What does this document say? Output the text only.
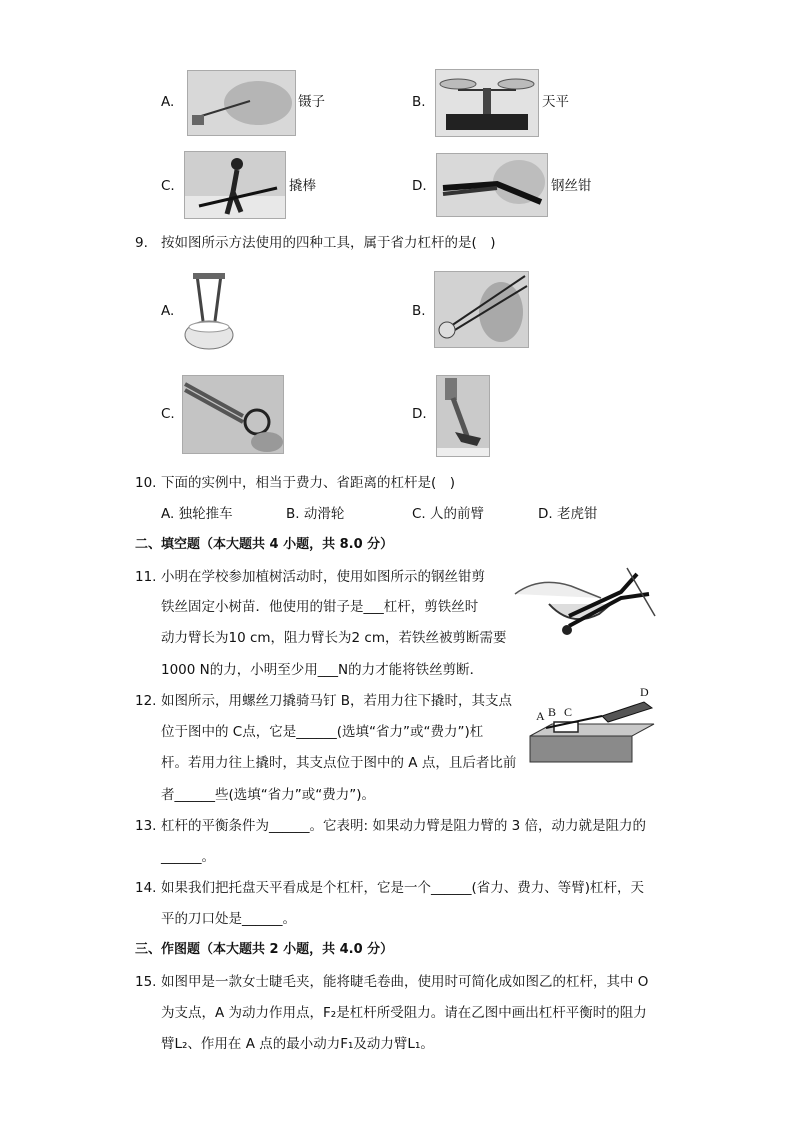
A.	镊子	B.	天平
C.	撬棒	D.	钢丝钳
9. 按如图所示方法使用的四种工具，属于省力杠杆的是(　)
A.	B.
C.	D.
10. 下面的实例中，相当于费力、省距离的杠杆是(　)
A. 独轮推车	B. 动滑轮	C. 人的前臂	D. 老虎钳
二、填空题（本大题共 4 小题，共 8.0 分）
11. 小明在学校参加植树活动时，使用如图所示的钢丝钳剪
铁丝固定小树苗．他使用的钳子是___杠杆，剪铁丝时
动力臂长为10 cm，阻力臂长为2 cm，若铁丝被剪断需要
1000 N的力，小明至少用___N的力才能将铁丝剪断．
12. 如图所示，用螺丝刀撬骑马钉 B，若用力往下撬时，其支点
位于图中的 C点，它是______(选填“省力”或“费力”)杠
杆。若用力往上撬时，其支点位于图中的 A 点，且后者比前
者______些(选填“省力”或“费力”)。
A B C
D
13. 杠杆的平衡条件为______。它表明: 如果动力臂是阻力臂的 3 倍，动力就是阻力的
______。
14. 如果我们把托盘天平看成是个杠杆，它是一个______(省力、费力、等臂)杠杆，天
平的刀口处是______。
三、作图题（本大题共 2 小题，共 4.0 分）
15. 如图甲是一款女士睫毛夹，能将睫毛卷曲，使用时可简化成如图乙的杠杆，其中 O
为支点，A 为动力作用点，F₂是杠杆所受阻力。请在乙图中画出杠杆平衡时的阻力
臂L₂、作用在 A 点的最小动力F₁及动力臂L₁。
